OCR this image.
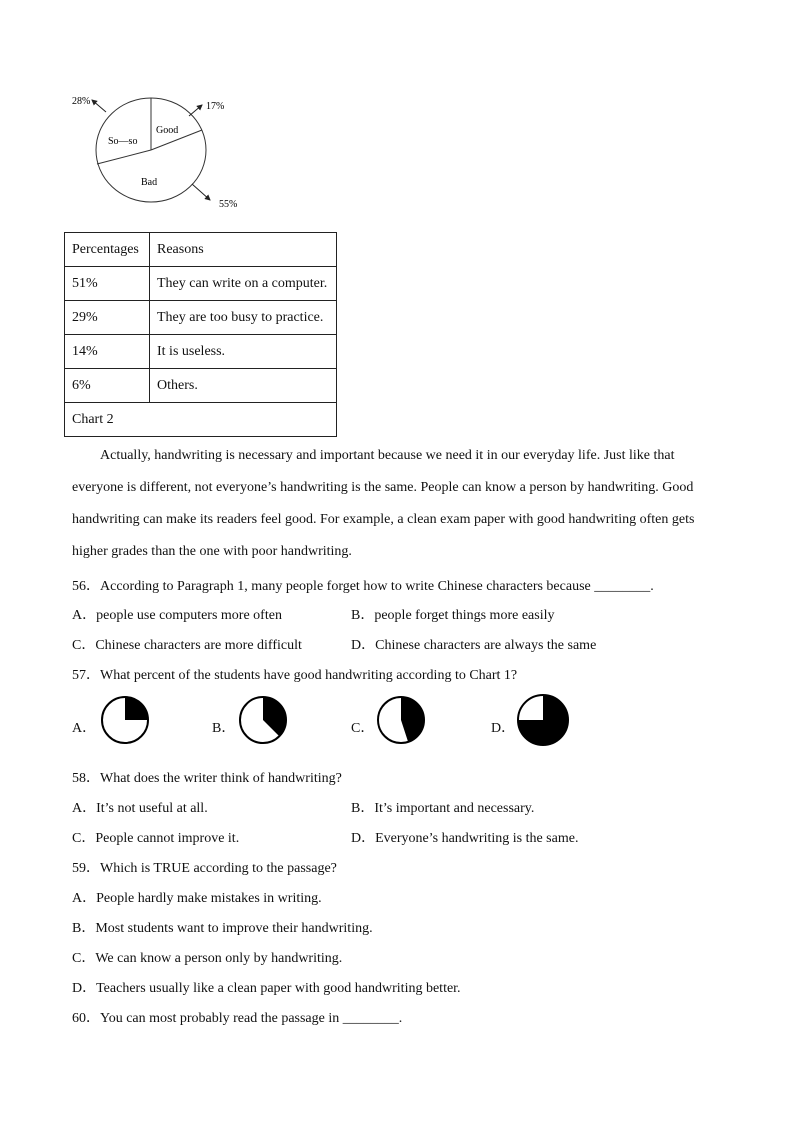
Good
So—so
Bad
28%	17%
55%
Percentages	Reasons
51%	They can write on a computer.
29%	They are too busy to practice.
14%	It is useless.
6%	Others.
Chart 2	
Actually, handwriting is necessary and important because we need it in our everyday life. Just like that
everyone is different, not everyone’s handwriting is the same. People can know a person by handwriting. Good
handwriting can make its readers feel good. For example, a clean exam paper with good handwriting often gets
higher grades than the one with poor handwriting.
56．According to Paragraph 1, many people forget how to write Chinese characters because ________.
A．people use computers more often	B．people forget things more easily
C．Chinese characters are more difficult	D．Chinese characters are always the same
57．What percent of the students have good handwriting according to Chart 1?
A．	B．	C．	D．
58．What does the writer think of handwriting?
A．It’s not useful at all.	B．It’s important and necessary.
C．People cannot improve it.	D．Everyone’s handwriting is the same.
59．Which is TRUE according to the passage?
A．People hardly make mistakes in writing.
B．Most students want to improve their handwriting.
C．We can know a person only by handwriting.
D．Teachers usually like a clean paper with good handwriting better.
60．You can most probably read the passage in ________.
